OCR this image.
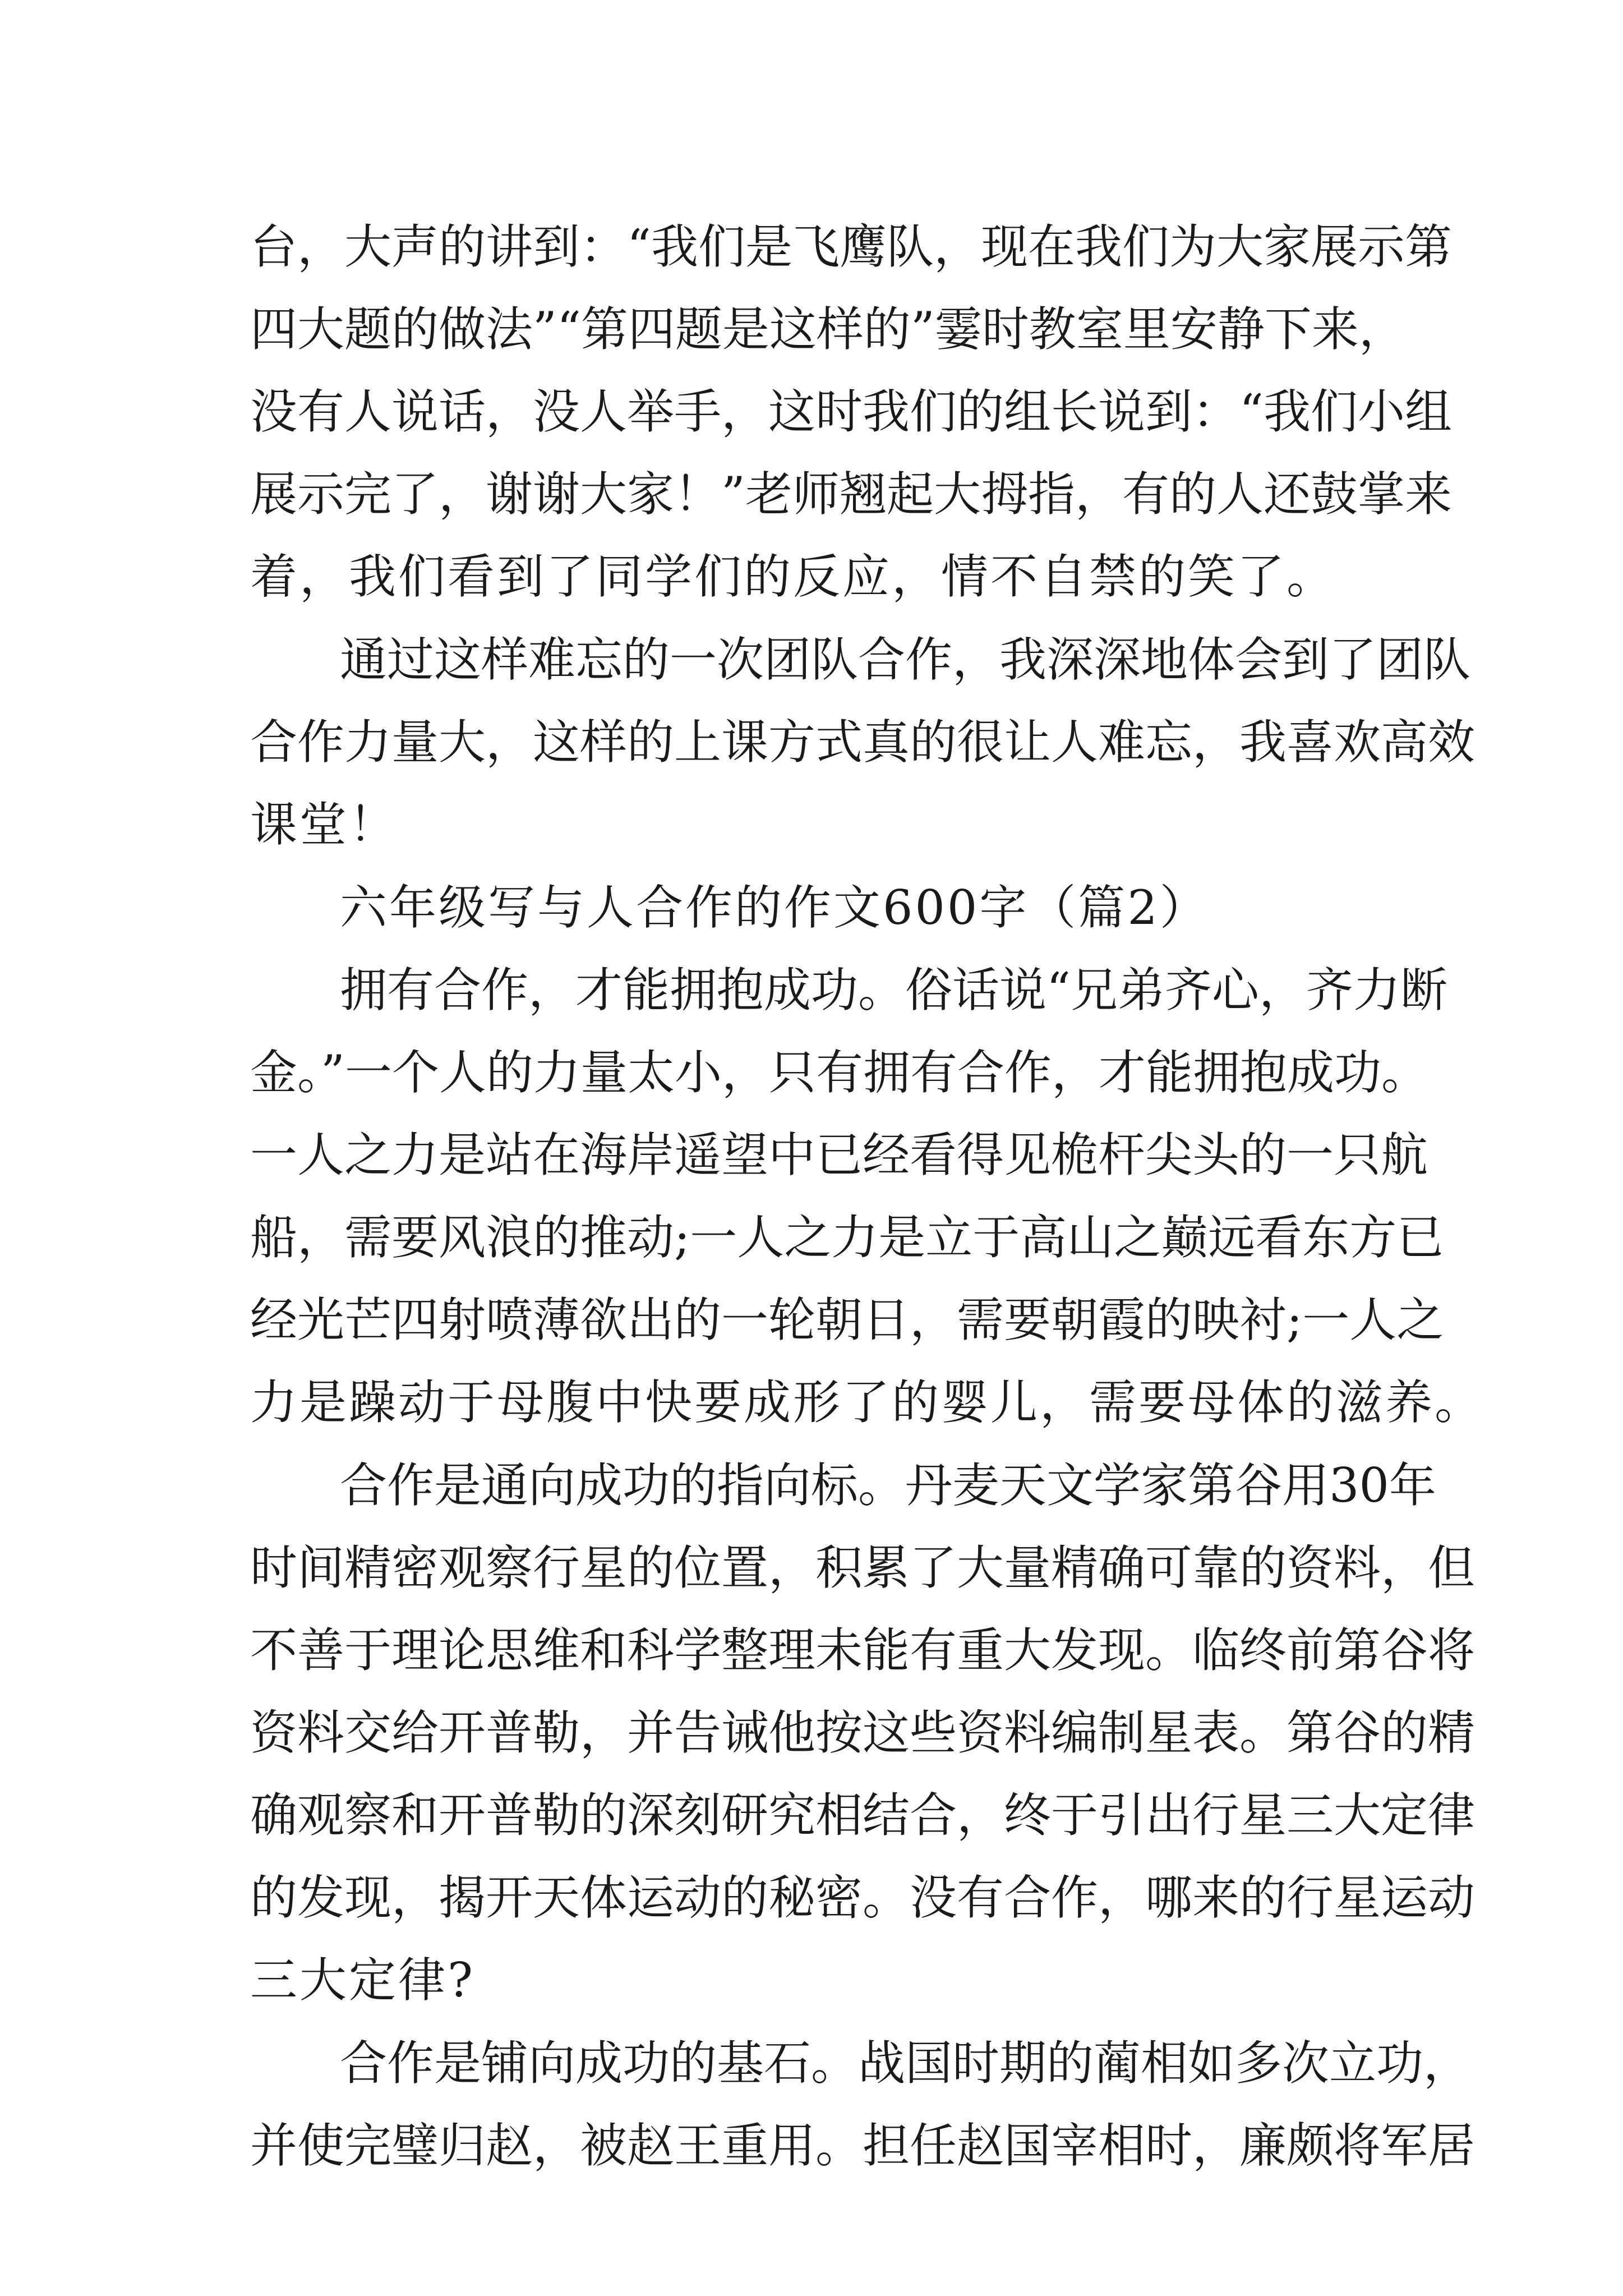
台，大声的讲到：“我们是飞鹰队，现在我们为大家展示第

四大题的做法”“第四题是这样的”霎时教室里安静下来，

没有人说话，没人举手，这时我们的组长说到：“我们小组

展示完了，谢谢大家！”老师翘起大拇指，有的人还鼓掌来

着，我们看到了同学们的反应，情不自禁的笑了。

通过这样难忘的一次团队合作，我深深地体会到了团队

合作力量大，这样的上课方式真的很让人难忘，我喜欢高效

课堂！

六年级写与人合作的作文600字（篇2）

拥有合作，才能拥抱成功。俗话说“兄弟齐心，齐力断

金。”一个人的力量太小，只有拥有合作，才能拥抱成功。

一人之力是站在海岸遥望中已经看得见桅杆尖头的一只航

船，需要风浪的推动;一人之力是立于高山之巅远看东方已

经光芒四射喷薄欲出的一轮朝日，需要朝霞的映衬;一人之

力是躁动于母腹中快要成形了的婴儿，需要母体的滋养。

合作是通向成功的指向标。丹麦天文学家第谷用30年

时间精密观察行星的位置，积累了大量精确可靠的资料，但

不善于理论思维和科学整理未能有重大发现。临终前第谷将

资料交给开普勒，并告诫他按这些资料编制星表。第谷的精

确观察和开普勒的深刻研究相结合，终于引出行星三大定律

的发现，揭开天体运动的秘密。没有合作，哪来的行星运动

三大定律?

合作是铺向成功的基石。战国时期的蔺相如多次立功，

并使完璧归赵，被赵王重用。担任赵国宰相时，廉颇将军居
